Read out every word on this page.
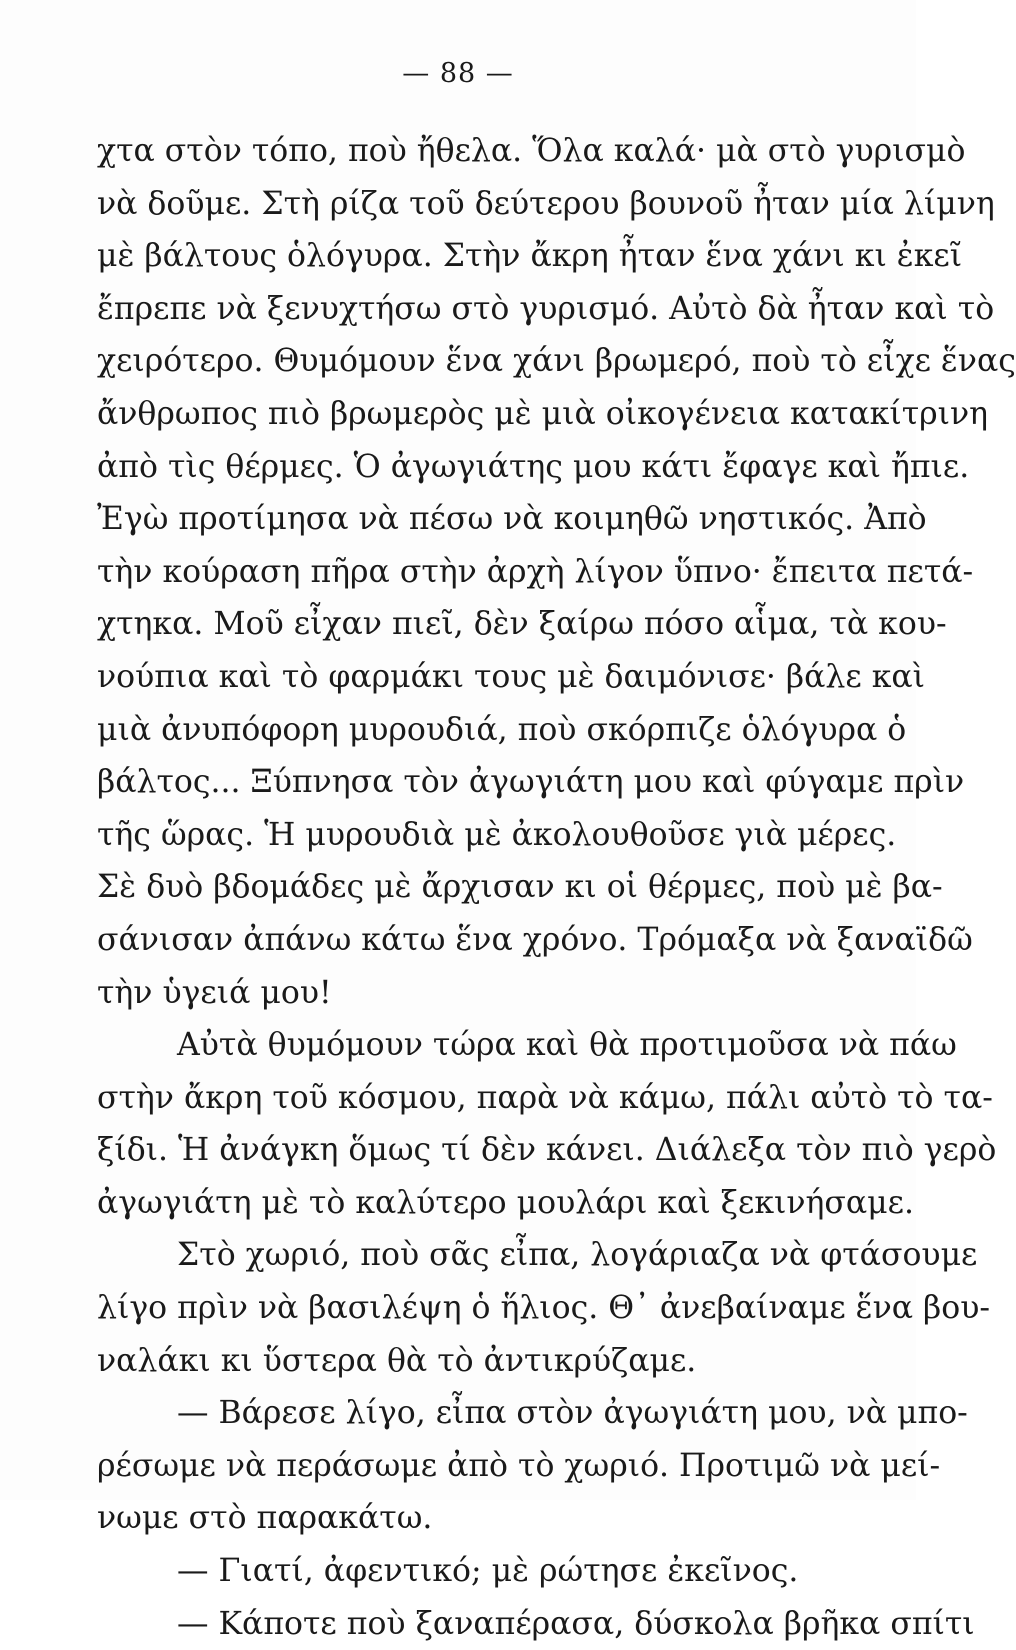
— 88 —
χτα στὸν τόπο, ποὺ ἤθελα. Ὅλα καλά· μὰ στὸ γυρισμὸ
νὰ δοῦμε. Στὴ ρίζα τοῦ δεύτερου βουνοῦ ἦταν μία λίμνη
μὲ βάλτους ὁλόγυρα. Στὴν ἄκρη ἦταν ἕνα χάνι κι ἐκεῖ
ἔπρεπε νὰ ξενυχτήσω στὸ γυρισμό. Αὐτὸ δὰ ἦταν καὶ τὸ
χειρότερο. Θυμόμουν ἕνα χάνι βρωμερό, ποὺ τὸ εἶχε ἕνας
ἄνθρωπος πιὸ βρωμερὸς μὲ μιὰ οἰκογένεια κατακίτρινη
ἀπὸ τὶς θέρμες. Ὁ ἀγωγιάτης μου κάτι ἔφαγε καὶ ἤπιε.
Ἐγὼ προτίμησα νὰ πέσω νὰ κοιμηθῶ νηστικός. Ἀπὸ
τὴν κούραση πῆρα στὴν ἀρχὴ λίγον ὕπνο· ἔπειτα πετά-
χτηκα. Μοῦ εἶχαν πιεῖ, δὲν ξαίρω πόσο αἷμα, τὰ κου-
νούπια καὶ τὸ φαρμάκι τους μὲ δαιμόνισε· βάλε καὶ
μιὰ ἀνυπόφορη μυρουδιά, ποὺ σκόρπιζε ὁλόγυρα ὁ
βάλτος... Ξύπνησα τὸν ἀγωγιάτη μου καὶ φύγαμε πρὶν
τῆς ὥρας. Ἡ μυρουδιὰ μὲ ἀκολουθοῦσε γιὰ μέρες.
Σὲ δυὸ βδομάδες μὲ ἄρχισαν κι οἱ θέρμες, ποὺ μὲ βα-
σάνισαν ἀπάνω κάτω ἕνα χρόνο. Τρόμαξα νὰ ξαναϊδῶ
τὴν ὑγειά μου!
Αὐτὰ θυμόμουν τώρα καὶ θὰ προτιμοῦσα νὰ πάω
στὴν ἄκρη τοῦ κόσμου, παρὰ νὰ κάμω, πάλι αὐτὸ τὸ τα-
ξίδι. Ἡ ἀνάγκη ὅμως τί δὲν κάνει. Διάλεξα τὸν πιὸ γερὸ
ἀγωγιάτη μὲ τὸ καλύτερο μουλάρι καὶ ξεκινήσαμε.
Στὸ χωριό, ποὺ σᾶς εἶπα, λογάριαζα νὰ φτάσουμε
λίγο πρὶν νὰ βασιλέψη ὁ ἥλιος. Θ᾿ ἀνεβαίναμε ἕνα βου-
ναλάκι κι ὕστερα θὰ τὸ ἀντικρύζαμε.
— Βάρεσε λίγο, εἶπα στὸν ἀγωγιάτη μου, νὰ μπο-
ρέσωμε νὰ περάσωμε ἀπὸ τὸ χωριό. Προτιμῶ νὰ μεί-
νωμε στὸ παρακάτω.
— Γιατί, ἀφεντικό; μὲ ρώτησε ἐκεῖνος.
— Κάποτε ποὺ ξαναπέρασα, δύσκολα βρῆκα σπίτι
